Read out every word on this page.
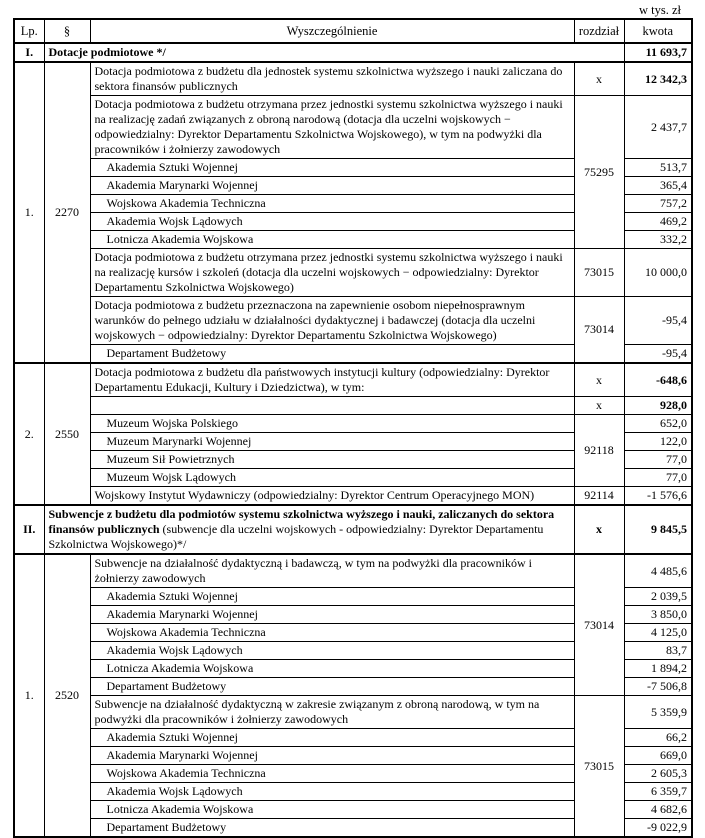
w tys. zł
Lp.	§	Wyszczególnienie	rozdział	kwota
I.	Dotacje podmiotowe */			11 693,7
1.	2270	Dotacja podmiotowa z budżetu dla jednostek systemu szkolnictwa wyższego i nauki zaliczana do sektora finansów publicznych	x	12 342,3
		Dotacja podmiotowa z budżetu otrzymana przez jednostki systemu szkolnictwa wyższego i nauki na realizację zadań związanych z obroną narodową (dotacja dla uczelni wojskowych − odpowiedzialny: Dyrektor Departamentu Szkolnictwa Wojskowego), w tym na podwyżki dla pracowników i żołnierzy zawodowych	75295	2 437,7
		Akademia Sztuki Wojennej		513,7
		Akademia Marynarki Wojennej		365,4
		Wojskowa Akademia Techniczna		757,2
		Akademia Wojsk Lądowych		469,2
		Lotnicza Akademia Wojskowa		332,2
		Dotacja podmiotowa z budżetu otrzymana przez jednostki systemu szkolnictwa wyższego i nauki na realizację kursów i szkoleń (dotacja dla uczelni wojskowych − odpowiedzialny: Dyrektor Departamentu Szkolnictwa Wojskowego)	73015	10 000,0
		Dotacja podmiotowa z budżetu przeznaczona na zapewnienie osobom niepełnosprawnym warunków do pełnego udziału w działalności dydaktycznej i badawczej (dotacja dla uczelni wojskowych − odpowiedzialny: Dyrektor Departamentu Szkolnictwa Wojskowego)	73014	-95,4
		Departament Budżetowy		-95,4
2.	2550	Dotacja podmiotowa z budżetu dla państwowych instytucji kultury (odpowiedzialny: Dyrektor Departamentu Edukacji, Kultury i Dziedzictwa), w tym:	x	-648,6
			x	928,0
		Muzeum Wojska Polskiego	92118	652,0
		Muzeum Marynarki Wojennej		122,0
		Muzeum Sił Powietrznych		77,0
		Muzeum Wojsk Lądowych		77,0
		Wojskowy Instytut Wydawniczy (odpowiedzialny: Dyrektor Centrum Operacyjnego MON)	92114	-1 576,6
II.	Subwencje z budżetu dla podmiotów systemu szkolnictwa wyższego i nauki, zaliczanych do sektora finansów publicznych (subwencje dla uczelni wojskowych - odpowiedzialny: Dyrektor Departamentu Szkolnictwa Wojskowego)*/		x	9 845,5
1.	2520	Subwencje na działalność dydaktyczną i badawczą, w tym na podwyżki dla pracowników i żołnierzy zawodowych	73014	4 485,6
		Akademia Sztuki Wojennej		2 039,5
		Akademia Marynarki Wojennej		3 850,0
		Wojskowa Akademia Techniczna		4 125,0
		Akademia Wojsk Lądowych		83,7
		Lotnicza Akademia Wojskowa		1 894,2
		Departament Budżetowy		-7 506,8
		Subwencje na działalność dydaktyczną w zakresie związanym z obroną narodową, w tym na podwyżki dla pracowników i żołnierzy zawodowych	73015	5 359,9
		Akademia Sztuki Wojennej		66,2
		Akademia Marynarki Wojennej		669,0
		Wojskowa Akademia Techniczna		2 605,3
		Akademia Wojsk Lądowych		6 359,7
		Lotnicza Akademia Wojskowa		4 682,6
		Departament Budżetowy		-9 022,9
